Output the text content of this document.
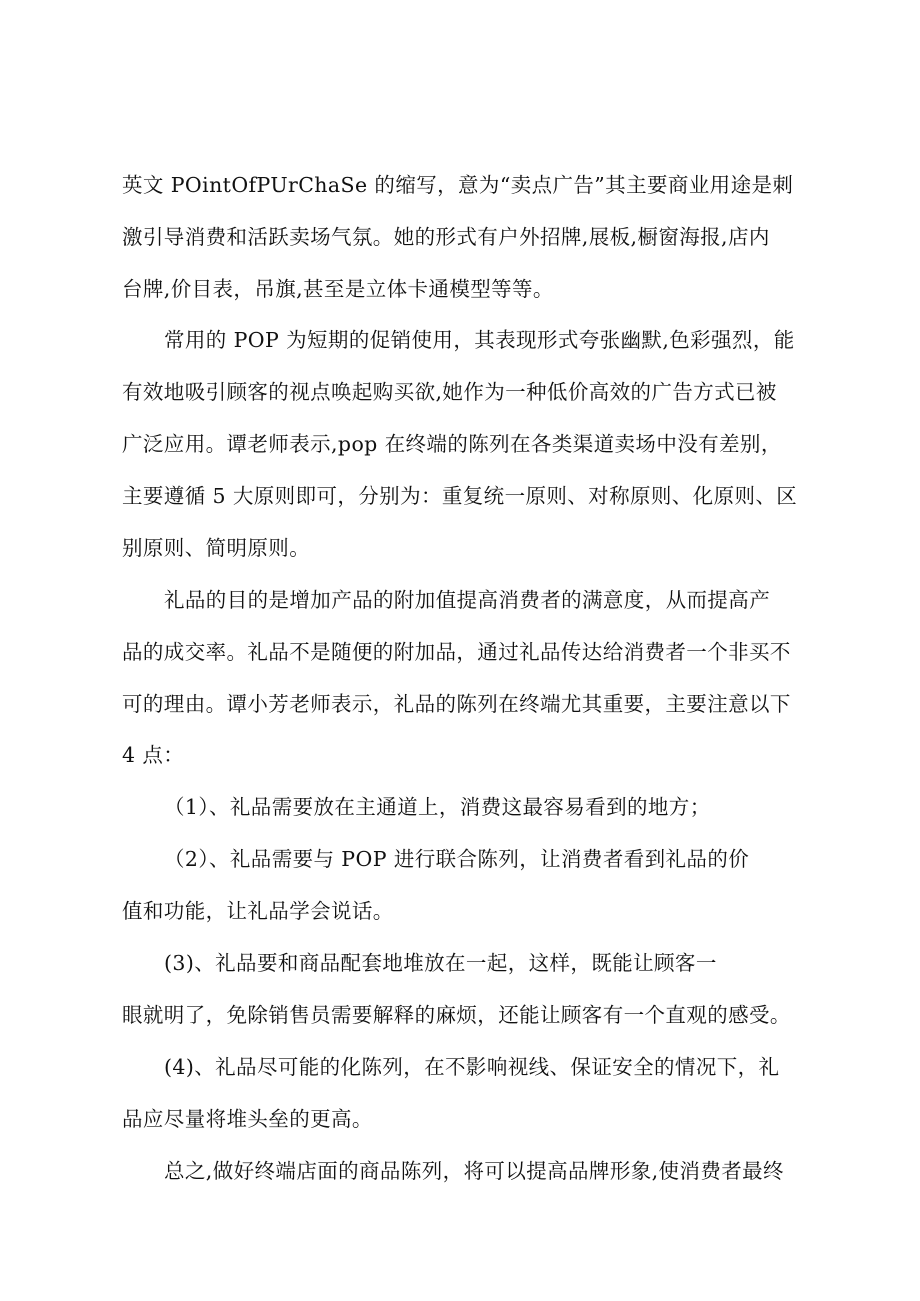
英文 POintOfPUrChaSe 的缩写，意为“卖点广告”其主要商业用途是刺
激引导消费和活跃卖场气氛。她的形式有户外招牌,展板,橱窗海报,店内
台牌,价目表，吊旗,甚至是立体卡通模型等等。
常用的 POP 为短期的促销使用，其表现形式夸张幽默,色彩强烈，能
有效地吸引顾客的视点唤起购买欲,她作为一种低价高效的广告方式已被
广泛应用。谭老师表示,pop 在终端的陈列在各类渠道卖场中没有差别，
主要遵循 5 大原则即可，分别为：重复统一原则、对称原则、化原则、区
别原则、简明原则。
礼品的目的是增加产品的附加值提高消费者的满意度，从而提高产
品的成交率。礼品不是随便的附加品，通过礼品传达给消费者一个非买不
可的理由。谭小芳老师表示，礼品的陈列在终端尤其重要，主要注意以下
4 点：
（1）、礼品需要放在主通道上，消费这最容易看到的地方；
（2）、礼品需要与 POP 进行联合陈列，让消费者看到礼品的价
值和功能，让礼品学会说话。
(3)、礼品要和商品配套地堆放在一起，这样，既能让顾客一
眼就明了，免除销售员需要解释的麻烦，还能让顾客有一个直观的感受。
(4)、礼品尽可能的化陈列，在不影响视线、保证安全的情况下，礼
品应尽量将堆头垒的更高。
总之,做好终端店面的商品陈列，将可以提高品牌形象,使消费者最终
